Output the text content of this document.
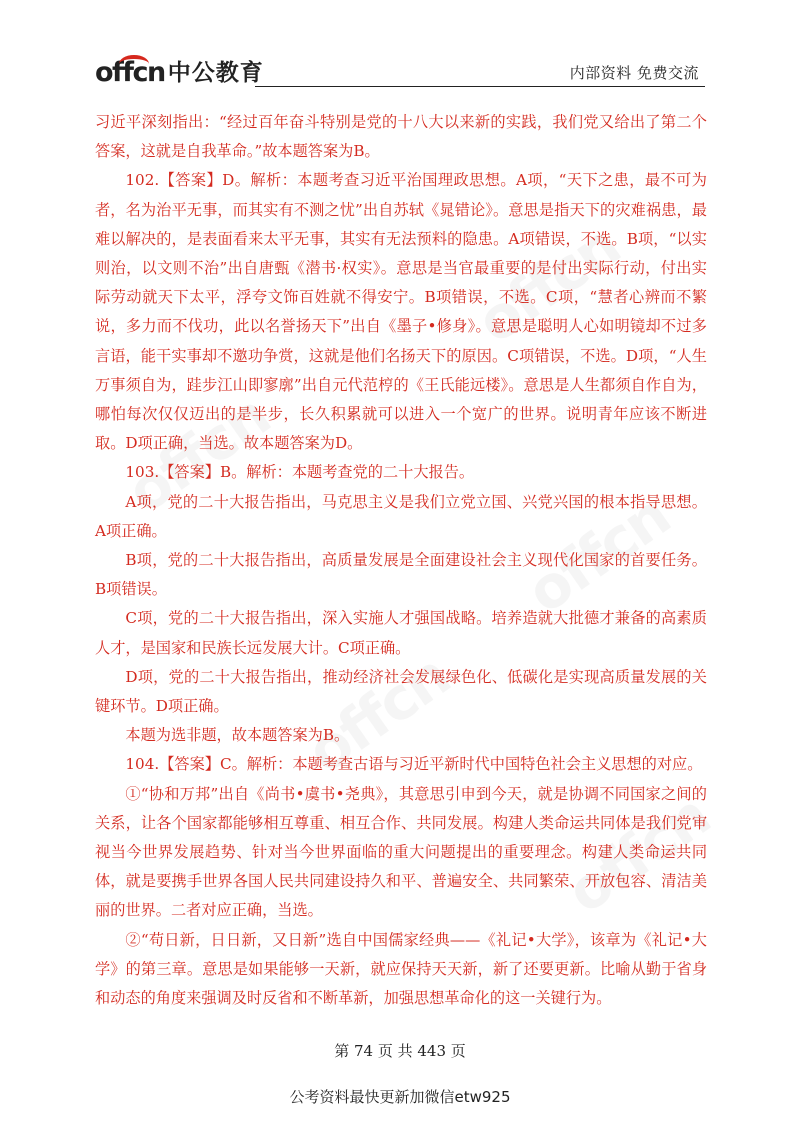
offcn 中公教育	内部资料 免费交流

习近平深刻指出：“经过百年奋斗特别是党的十八大以来新的实践，我们党又给出了第二个答案，这就是自我革命。”故本题答案为B。

102.【答案】D。解析：本题考查习近平治国理政思想。A项，“天下之患，最不可为者，名为治平无事，而其实有不测之忧”出自苏轼《晁错论》。意思是指天下的灾难祸患，最难以解决的，是表面看来太平无事，其实有无法预料的隐患。A项错误，不选。B项，“以实则治，以文则不治”出自唐甄《潜书·权实》。意思是当官最重要的是付出实际行动，付出实际劳动就天下太平，浮夸文饰百姓就不得安宁。B项错误，不选。C项，“慧者心辨而不繁说，多力而不伐功，此以名誉扬天下”出自《墨子•修身》。意思是聪明人心如明镜却不过多言语，能干实事却不邀功争赏，这就是他们名扬天下的原因。C项错误，不选。D项，“人生万事须自为，跬步江山即寥廓”出自元代范梈的《王氏能远楼》。意思是人生都须自作自为，哪怕每次仅仅迈出的是半步，长久积累就可以进入一个宽广的世界。说明青年应该不断进取。D项正确，当选。故本题答案为D。

103.【答案】B。解析：本题考查党的二十大报告。

A项，党的二十大报告指出，马克思主义是我们立党立国、兴党兴国的根本指导思想。A项正确。

B项，党的二十大报告指出，高质量发展是全面建设社会主义现代化国家的首要任务。B项错误。

C项，党的二十大报告指出，深入实施人才强国战略。培养造就大批德才兼备的高素质人才，是国家和民族长远发展大计。C项正确。

D项，党的二十大报告指出，推动经济社会发展绿色化、低碳化是实现高质量发展的关键环节。D项正确。

本题为选非题，故本题答案为B。

104.【答案】C。解析：本题考查古语与习近平新时代中国特色社会主义思想的对应。

①“协和万邦”出自《尚书•虞书•尧典》，其意思引申到今天，就是协调不同国家之间的关系，让各个国家都能够相互尊重、相互合作、共同发展。构建人类命运共同体是我们党审视当今世界发展趋势、针对当今世界面临的重大问题提出的重要理念。构建人类命运共同体，就是要携手世界各国人民共同建设持久和平、普遍安全、共同繁荣、开放包容、清洁美丽的世界。二者对应正确，当选。

②“苟日新，日日新，又日新”选自中国儒家经典——《礼记•大学》，该章为《礼记•大学》的第三章。意思是如果能够一天新，就应保持天天新，新了还要更新。比喻从勤于省身和动态的角度来强调及时反省和不断革新，加强思想革命化的这一关键行为。

第 74 页 共 443 页
公考资料最快更新加微信etw925
